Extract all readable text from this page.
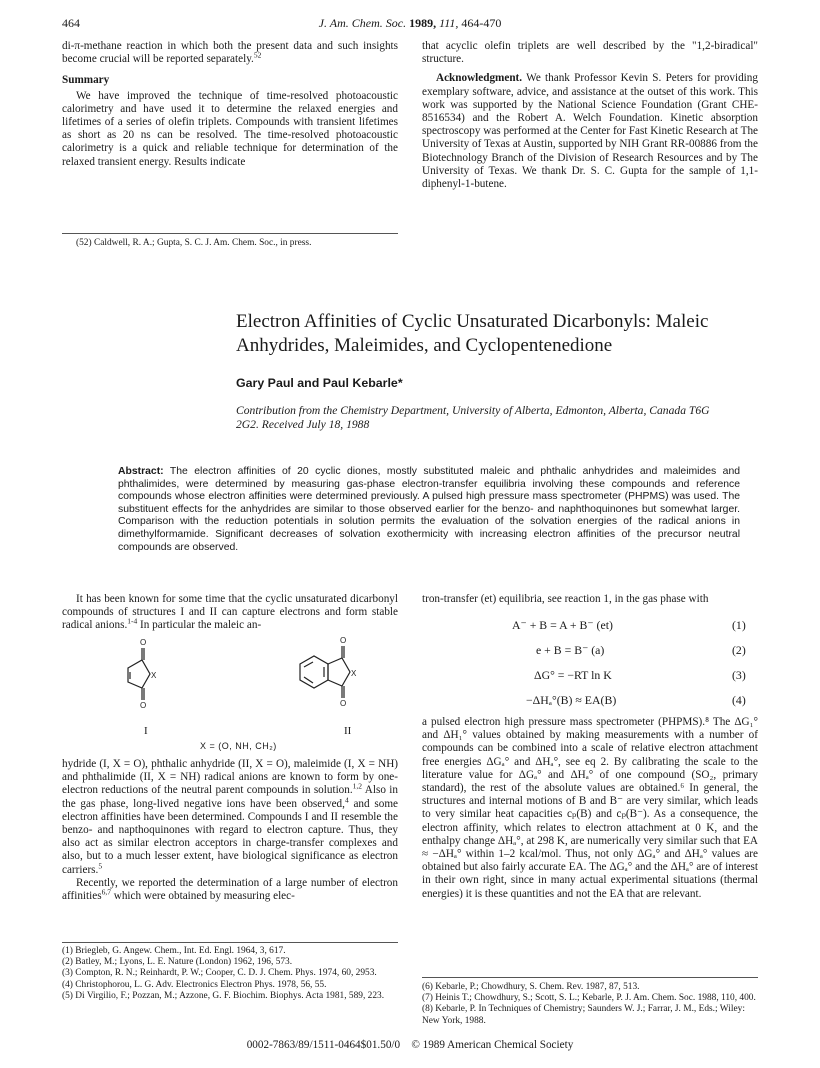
464	J. Am. Chem. Soc. 1989, 111, 464-470

di-π-methane reaction in which both the present data and such insights become crucial will be reported separately.$^{52}$

Summary

We have improved the technique of time-resolved photoacoustic calorimetry and have used it to determine the relaxed energies and lifetimes of a series of olefin triplets. Compounds with transient lifetimes as short as 20 ns can be resolved. The time-resolved photoacoustic calorimetry is a quick and reliable technique for determination of the relaxed transient energy. Results indicate

(52) Caldwell, R. A.; Gupta, S. C. J. Am. Chem. Soc., in press.

that acyclic olefin triplets are well described by the "1,2-biradical" structure.

Acknowledgment. We thank Professor Kevin S. Peters for providing exemplary software, advice, and assistance at the outset of this work. This work was supported by the National Science Foundation (Grant CHE-8516534) and the Robert A. Welch Foundation. Kinetic absorption spectroscopy was performed at the Center for Fast Kinetic Research at The University of Texas at Austin, supported by NIH Grant RR-00886 from the Biotechnology Branch of the Division of Research Resources and by The University of Texas. We thank Dr. S. C. Gupta for the sample of 1,1-diphenyl-1-butene.

Electron Affinities of Cyclic Unsaturated Dicarbonyls: Maleic Anhydrides, Maleimides, and Cyclopentenedione
Gary Paul and Paul Kebarle*
Contribution from the Chemistry Department, University of Alberta, Edmonton, Alberta, Canada T6G 2G2. Received July 18, 1988
Abstract: The electron affinities of 20 cyclic diones, mostly substituted maleic and phthalic anhydrides and maleimides and phthalimides, were determined by measuring gas-phase electron-transfer equilibria involving these compounds and reference compounds whose electron affinities were determined previously. A pulsed high pressure mass spectrometer (PHPMS) was used. The substituent effects for the anhydrides are similar to those observed earlier for the benzo- and naphthoquinones but somewhat larger. Comparison with the reduction potentials in solution permits the evaluation of the solvation energies of the radical anions in dimethylformamide. Significant decreases of solvation exothermicity with increasing electron affinities of the precursor neutral compounds are observed.

It has been known for some time that the cyclic unsaturated dicarbonyl compounds of structures I and II can capture electrons and form stable radical anions.$^{1-4}$ In particular the maleic an-

O
O
X
O
O
X
I	II
X = (O, NH, CH₂)

hydride (I, X = O), phthalic anhydride (II, X = O), maleimide (I, X = NH) and phthalimide (II, X = NH) radical anions are known to form by one-electron reductions of the neutral parent compounds in solution.$^{1,2}$ Also in the gas phase, long-lived negative ions have been observed,$^4$ and some electron affinities have been determined. Compounds I and II resemble the benzo- and napthoquinones with regard to electron capture. Thus, they also act as similar electron acceptors in charge-transfer complexes and also, but to a much lesser extent, have biological significance as electron carriers.$^5$

Recently, we reported the determination of a large number of electron affinities$^{6,7}$ which were obtained by measuring elec-

(1) Briegleb, G. Angew. Chem., Int. Ed. Engl. 1964, 3, 617.

(2) Batley, M.; Lyons, L. E. Nature (London) 1962, 196, 573.

(3) Compton, R. N.; Reinhardt, P. W.; Cooper, C. D. J. Chem. Phys. 1974, 60, 2953.

(4) Christophorou, L. G. Adv. Electronics Electron Phys. 1978, 56, 55.

(5) Di Virgilio, F.; Pozzan, M.; Azzone, G. F. Biochim. Biophys. Acta 1981, 589, 223.

tron-transfer (et) equilibria, see reaction 1, in the gas phase with
A⁻ + B = A + B⁻ (et)	(1)
e + B = B⁻ (a)	(2)
ΔG° = −RT ln K	(3)
−ΔHₐ°(B) ≈ EA(B)	(4)
a pulsed electron high pressure mass spectrometer (PHPMS).⁸ The ΔG₁° and ΔH₁° values obtained by making measurements with a number of compounds can be combined into a scale of relative electron attachment free energies ΔGₐ° and ΔHₐ°, see eq 2. By calibrating the scale to the literature value for ΔGₐ° and ΔHₐ° of one compound (SO₂, primary standard), the rest of the absolute values are obtained.⁶ In general, the structures and internal motions of B and B⁻ are very similar, which leads to very similar heat capacities cₚ(B) and cₚ(B⁻). As a consequence, the electron affinity, which relates to electron attachment at 0 K, and the enthalpy change ΔHₐ°, at 298 K, are numerically very similar such that EA ≈ −ΔHₐ° within 1–2 kcal/mol. Thus, not only ΔGₐ° and ΔHₐ° values are obtained but also fairly accurate EA. The ΔGₐ° and the ΔHₐ° are of interest in their own right, since in many actual experimental situations (thermal energies) it is these quantities and not the EA that are relevant.

(6) Kebarle, P.; Chowdhury, S. Chem. Rev. 1987, 87, 513.

(7) Heinis T.; Chowdhury, S.; Scott, S. L.; Kebarle, P. J. Am. Chem. Soc. 1988, 110, 400.

(8) Kebarle, P. In Techniques of Chemistry; Saunders W. J.; Farrar, J. M., Eds.; Wiley: New York, 1988.

0002-7863/89/1511-0464$01.50/0 © 1989 American Chemical Society
